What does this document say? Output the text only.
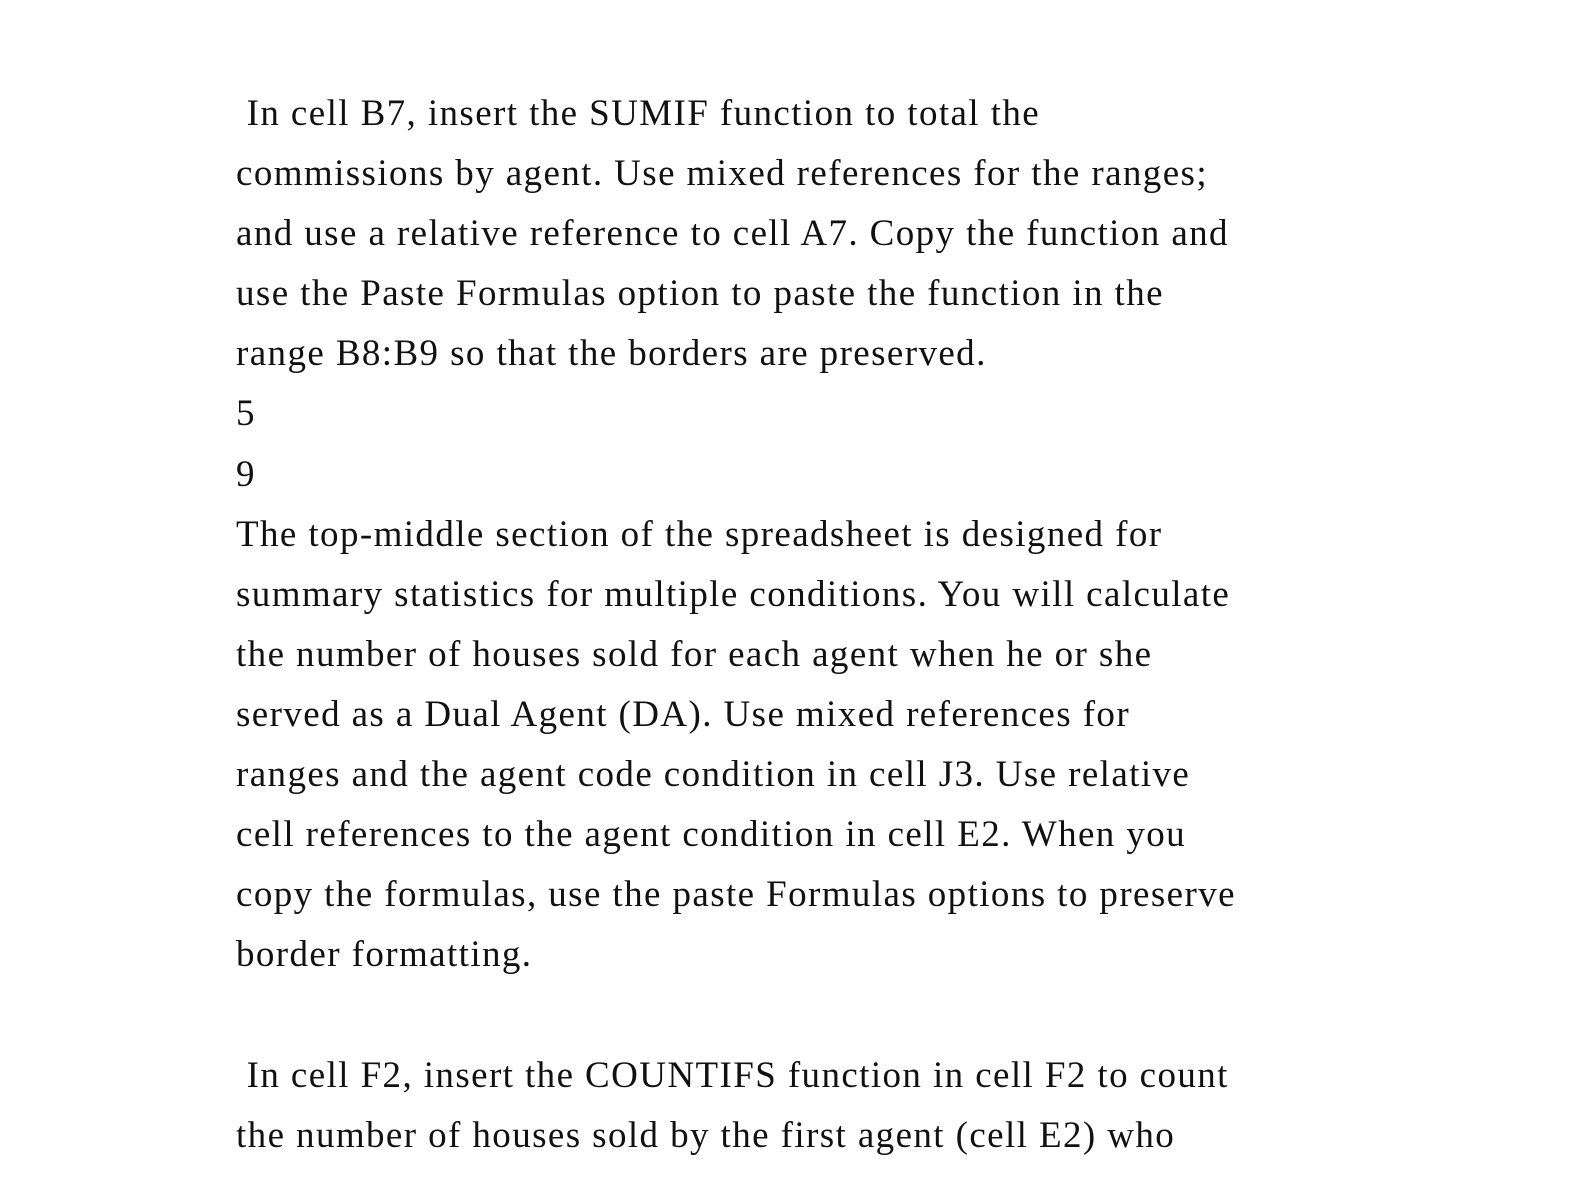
In cell B7, insert the SUMIF function to total the
commissions by agent. Use mixed references for the ranges;
and use a relative reference to cell A7. Copy the function and
use the Paste Formulas option to paste the function in the
range B8:B9 so that the borders are preserved.

5
9

The top-middle section of the spreadsheet is designed for
summary statistics for multiple conditions. You will calculate
the number of houses sold for each agent when he or she
served as a Dual Agent (DA). Use mixed references for
ranges and the agent code condition in cell J3. Use relative
cell references to the agent condition in cell E2. When you
copy the formulas, use the paste Formulas options to preserve
border formatting.

In cell F2, insert the COUNTIFS function in cell F2 to count
the number of houses sold by the first agent (cell E2) who
